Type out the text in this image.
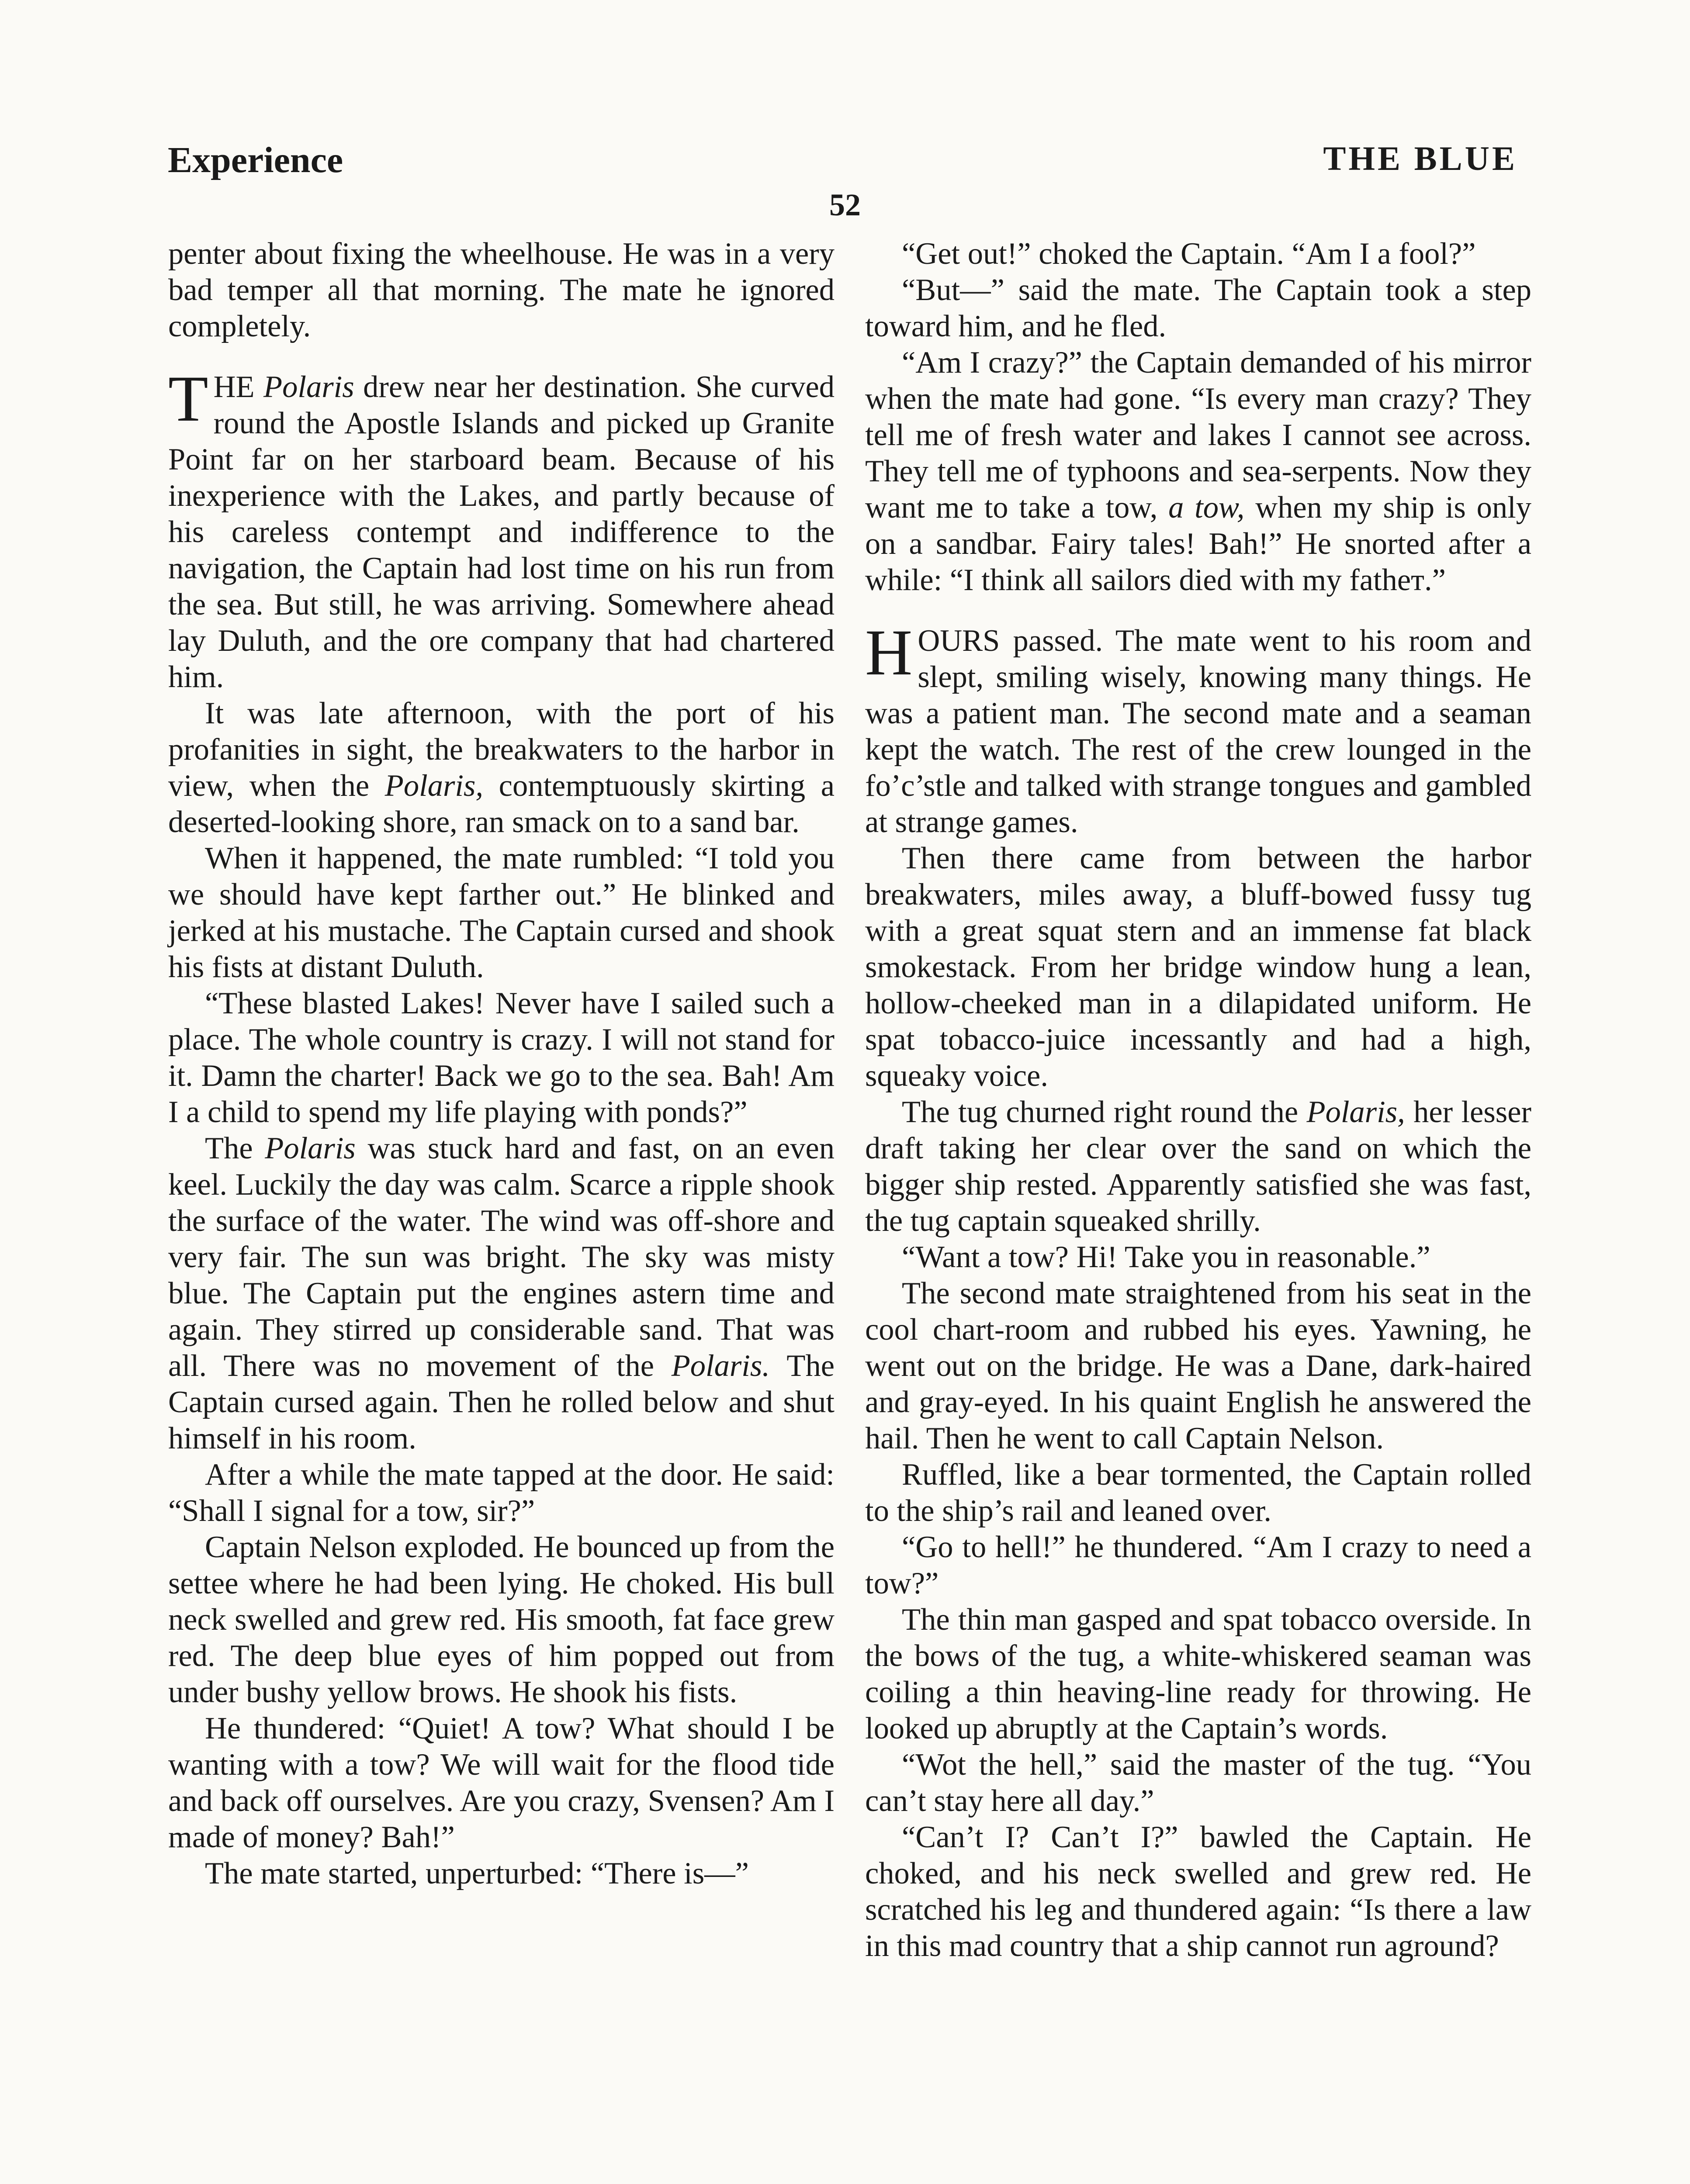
Experience	THE BLUE
52

penter about fixing the wheelhouse. He was in a very bad temper all that morning. The mate he ignored completely.

THE Polaris drew near her destination. She curved round the Apostle Islands and picked up Granite Point far on her starboard beam. Because of his inexperience with the Lakes, and partly because of his careless contempt and indifference to the navigation, the Captain had lost time on his run from the sea. But still, he was arriving. Somewhere ahead lay Duluth, and the ore company that had chartered him.

It was late afternoon, with the port of his profanities in sight, the breakwaters to the harbor in view, when the Polaris, contemptuously skirting a deserted-looking shore, ran smack on to a sand bar.

When it happened, the mate rumbled: “I told you we should have kept farther out.” He blinked and jerked at his mustache. The Captain cursed and shook his fists at distant Duluth.

“These blasted Lakes! Never have I sailed such a place. The whole country is crazy. I will not stand for it. Damn the charter! Back we go to the sea. Bah! Am I a child to spend my life playing with ponds?”

The Polaris was stuck hard and fast, on an even keel. Luckily the day was calm. Scarce a ripple shook the surface of the water. The wind was off-shore and very fair. The sun was bright. The sky was misty blue. The Captain put the engines astern time and again. They stirred up considerable sand. That was all. There was no movement of the Polaris. The Captain cursed again. Then he rolled below and shut himself in his room.

After a while the mate tapped at the door. He said: “Shall I signal for a tow, sir?”

Captain Nelson exploded. He bounced up from the settee where he had been lying. He choked. His bull neck swelled and grew red. His smooth, fat face grew red. The deep blue eyes of him popped out from under bushy yellow brows. He shook his fists.

He thundered: “Quiet! A tow? What should I be wanting with a tow? We will wait for the flood tide and back off ourselves. Are you crazy, Svensen? Am I made of money? Bah!”

The mate started, unperturbed: “There is—”

“Get out!” choked the Captain. “Am I a fool?”

“But—” said the mate. The Captain took a step toward him, and he fled.

“Am I crazy?” the Captain demanded of his mirror when the mate had gone. “Is every man crazy? They tell me of fresh water and lakes I cannot see across. They tell me of typhoons and sea-serpents. Now they want me to take a tow, a tow, when my ship is only on a sandbar. Fairy tales! Bah!” He snorted after a while: “I think all sailors died with my fatheᴛ.”

HOURS passed. The mate went to his room and slept, smiling wisely, knowing many things. He was a patient man. The second mate and a seaman kept the watch. The rest of the crew lounged in the fo’c’stle and talked with strange tongues and gambled at strange games.

Then there came from between the harbor breakwaters, miles away, a bluff-bowed fussy tug with a great squat stern and an immense fat black smokestack. From her bridge window hung a lean, hollow-cheeked man in a dilapidated uniform. He spat tobacco-juice incessantly and had a high, squeaky voice.

The tug churned right round the Polaris, her lesser draft taking her clear over the sand on which the bigger ship rested. Apparently satisfied she was fast, the tug captain squeaked shrilly.

“Want a tow? Hi! Take you in reasonable.”

The second mate straightened from his seat in the cool chart-room and rubbed his eyes. Yawning, he went out on the bridge. He was a Dane, dark-haired and gray-eyed. In his quaint English he answered the hail. Then he went to call Captain Nelson.

Ruffled, like a bear tormented, the Captain rolled to the ship’s rail and leaned over.

“Go to hell!” he thundered. “Am I crazy to need a tow?”

The thin man gasped and spat tobacco overside. In the bows of the tug, a white-whiskered seaman was coiling a thin heaving-line ready for throwing. He looked up abruptly at the Captain’s words.

“Wot the hell,” said the master of the tug. “You can’t stay here all day.”

“Can’t I? Can’t I?” bawled the Captain. He choked, and his neck swelled and grew red. He scratched his leg and thundered again: “Is there a law in this mad country that a ship cannot run aground?
